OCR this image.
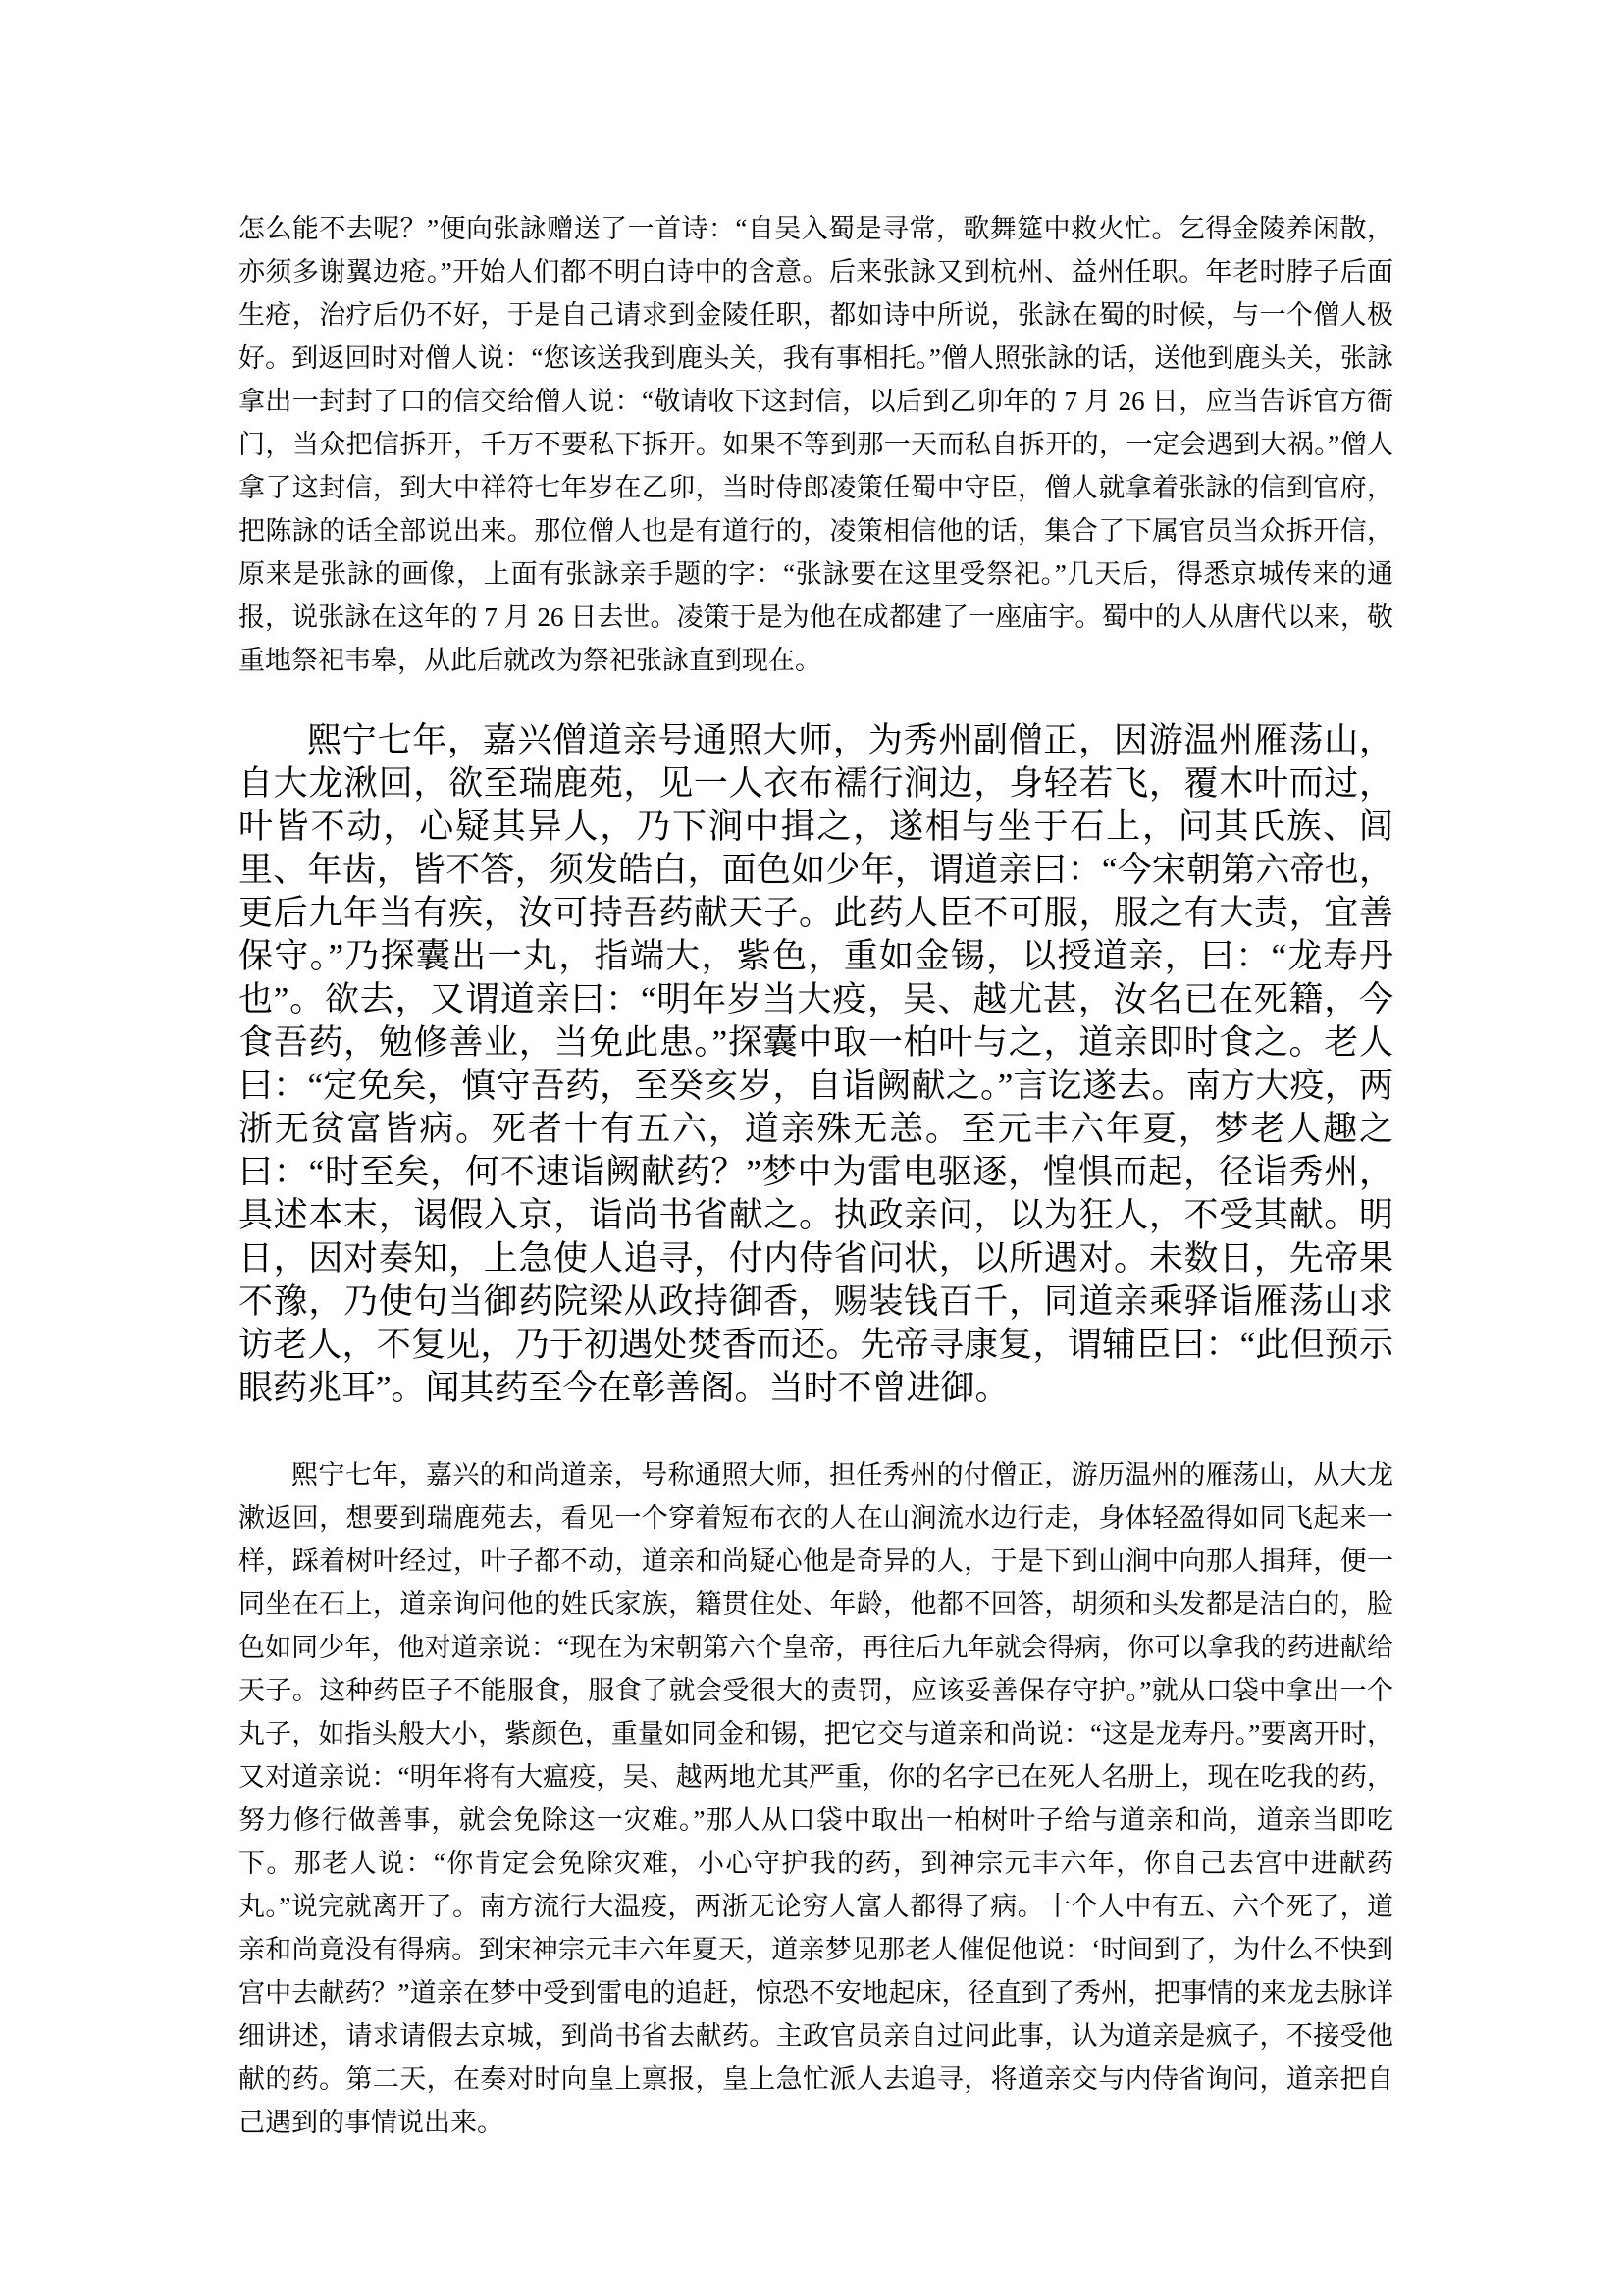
怎么能不去呢？”便向张詠赠送了一首诗：“自吴入蜀是寻常，歌舞筵中救火忙。乞得金陵养闲散，亦须多谢翼边疮。”开始人们都不明白诗中的含意。后来张詠又到杭州、益州任职。年老时脖子后面生疮，治疗后仍不好，于是自己请求到金陵任职，都如诗中所说，张詠在蜀的时候，与一个僧人极好。到返回时对僧人说：“您该送我到鹿头关，我有事相托。”僧人照张詠的话，送他到鹿头关，张詠拿出一封封了口的信交给僧人说：“敬请收下这封信，以后到乙卯年的 7 月 26 日，应当告诉官方衙门，当众把信拆开，千万不要私下拆开。如果不等到那一天而私自拆开的，一定会遇到大祸。”僧人拿了这封信，到大中祥符七年岁在乙卯，当时侍郎凌策任蜀中守臣，僧人就拿着张詠的信到官府，把陈詠的话全部说出来。那位僧人也是有道行的，凌策相信他的话，集合了下属官员当众拆开信，原来是张詠的画像，上面有张詠亲手题的字：“张詠要在这里受祭祀。”几天后，得悉京城传来的通报，说张詠在这年的 7 月 26 日去世。凌策于是为他在成都建了一座庙宇。蜀中的人从唐代以来，敬重地祭祀韦皋，从此后就改为祭祀张詠直到现在。

熙宁七年，嘉兴僧道亲号通照大师，为秀州副僧正，因游温州雁荡山，自大龙湫回，欲至瑞鹿苑，见一人衣布襦行涧边，身轻若飞，覆木叶而过，叶皆不动，心疑其异人，乃下涧中揖之，遂相与坐于石上，问其氏族、闾里、年齿，皆不答，须发皓白，面色如少年，谓道亲曰：“今宋朝第六帝也，更后九年当有疾，汝可持吾药献天子。此药人臣不可服，服之有大责，宜善保守。”乃探囊出一丸，指端大，紫色，重如金锡，以授道亲，曰：“龙寿丹也”。欲去，又谓道亲曰：“明年岁当大疫，吴、越尤甚，汝名已在死籍，今食吾药，勉修善业，当免此患。”探囊中取一柏叶与之，道亲即时食之。老人曰：“定免矣，慎守吾药，至癸亥岁，自诣阙献之。”言讫遂去。南方大疫，两浙无贫富皆病。死者十有五六，道亲殊无恙。至元丰六年夏，梦老人趣之曰：“时至矣，何不速诣阙献药？”梦中为雷电驱逐，惶惧而起，径诣秀州，具述本末，谒假入京，诣尚书省献之。执政亲问，以为狂人，不受其献。明日，因对奏知，上急使人追寻，付内侍省问状，以所遇对。未数日，先帝果不豫，乃使句当御药院梁从政持御香，赐装钱百千，同道亲乘驿诣雁荡山求访老人，不复见，乃于初遇处焚香而还。先帝寻康复，谓辅臣曰：“此但预示眼药兆耳”。闻其药至今在彰善阁。当时不曾进御。

熙宁七年，嘉兴的和尚道亲，号称通照大师，担任秀州的付僧正，游历温州的雁荡山，从大龙漱返回，想要到瑞鹿苑去，看见一个穿着短布衣的人在山涧流水边行走，身体轻盈得如同飞起来一样，踩着树叶经过，叶子都不动，道亲和尚疑心他是奇异的人，于是下到山涧中向那人揖拜，便一同坐在石上，道亲询问他的姓氏家族，籍贯住处、年龄，他都不回答，胡须和头发都是洁白的，脸色如同少年，他对道亲说：“现在为宋朝第六个皇帝，再往后九年就会得病，你可以拿我的药进献给天子。这种药臣子不能服食，服食了就会受很大的责罚，应该妥善保存守护。”就从口袋中拿出一个丸子，如指头般大小，紫颜色，重量如同金和锡，把它交与道亲和尚说：“这是龙寿丹。”要离开时，又对道亲说：“明年将有大瘟疫，吴、越两地尤其严重，你的名字已在死人名册上，现在吃我的药，努力修行做善事，就会免除这一灾难。”那人从口袋中取出一柏树叶子给与道亲和尚，道亲当即吃下。那老人说：“你肯定会免除灾难，小心守护我的药，到神宗元丰六年，你自己去宫中进献药丸。”说完就离开了。南方流行大温疫，两浙无论穷人富人都得了病。十个人中有五、六个死了，道亲和尚竟没有得病。到宋神宗元丰六年夏天，道亲梦见那老人催促他说：‘时间到了，为什么不快到宫中去献药？”道亲在梦中受到雷电的追赶，惊恐不安地起床，径直到了秀州，把事情的来龙去脉详细讲述，请求请假去京城，到尚书省去献药。主政官员亲自过问此事，认为道亲是疯子，不接受他献的药。第二天，在奏对时向皇上禀报，皇上急忙派人去追寻，将道亲交与内侍省询问，道亲把自己遇到的事情说出来。
